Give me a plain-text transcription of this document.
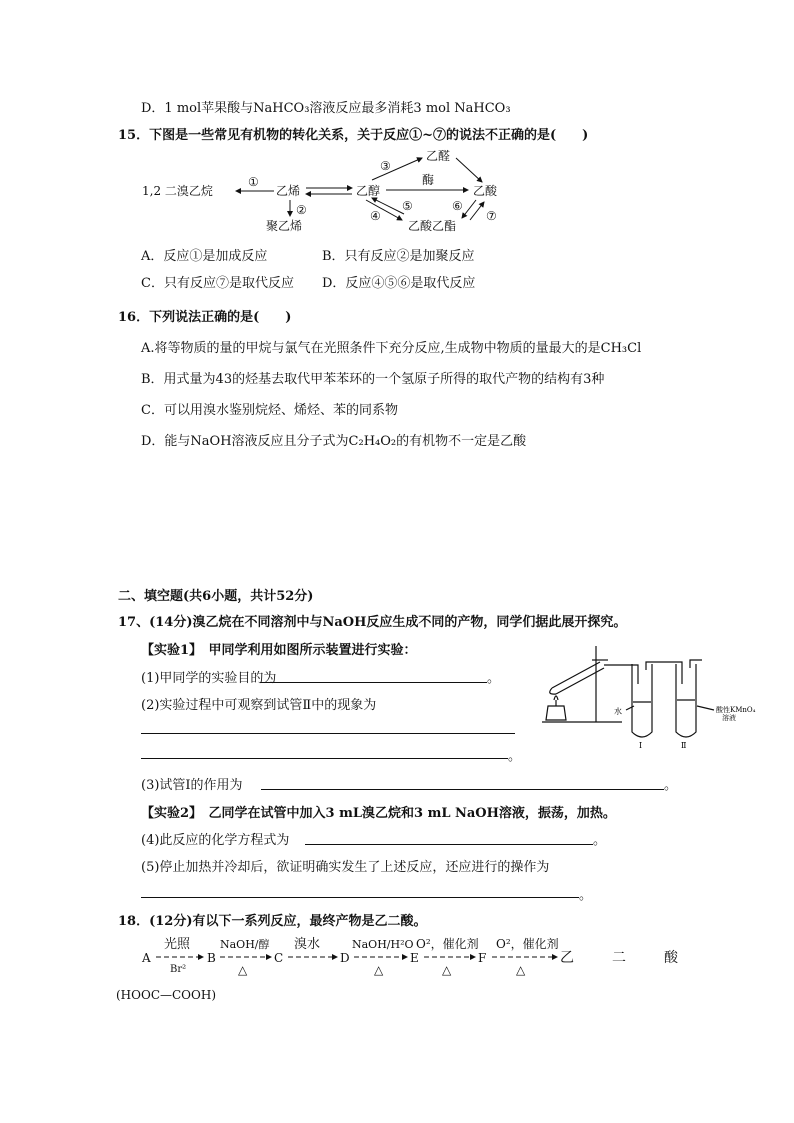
D．1 mol苹果酸与NaHCO₃溶液反应最多消耗3 mol NaHCO₃
15．下图是一些常见有机物的转化关系，关于反应①~⑦的说法不正确的是(　　)
1,2 二溴乙烷	乙烯	乙醇
乙醛
乙酸
乙酸乙酯
聚乙烯
①
②
③
酶
④
⑤	⑥
⑦
A．反应①是加成反应	B．只有反应②是加聚反应
C．只有反应⑦是取代反应 D．反应④⑤⑥是取代反应
16．下列说法正确的是(　　)
A.将等物质的量的甲烷与氯气在光照条件下充分反应,生成物中物质的量最大的是CH₃Cl
B．用式量为43的烃基去取代甲苯苯环的一个氢原子所得的取代产物的结构有3种
C．可以用溴水鉴别烷烃、烯烃、苯的同系物
D．能与NaOH溶液反应且分子式为C₂H₄O₂的有机物不一定是乙酸
二、填空题(共6小题，共计52分)
17、(14分)溴乙烷在不同溶剂中与NaOH反应生成不同的产物，同学们据此展开探究。
【实验1】　甲同学利用如图所示装置进行实验：
(1)甲同学的实验目的为	。
(2)实验过程中可观察到试管Ⅱ中的现象为
。
(3)试管Ⅰ的作用为	。
【实验2】　乙同学在试管中加入3 mL溴乙烷和3 mL NaOH溶液，振荡，加热。
(4)此反应的化学方程式为	。
(5)停止加热并冷却后，欲证明确实发生了上述反应，还应进行的操作为
。
水	酸性KMnO₄
溶液
Ⅰ	Ⅱ
18．(12分)有以下一系列反应，最终产物是乙二酸。
A	B	C	D	E	F
光照
Br²
NaOH/醇
△
溴水	NaOH/H²O
△
O²，催化剂
△
O²，催化剂
△
乙	二	酸
(HOOC—COOH)
